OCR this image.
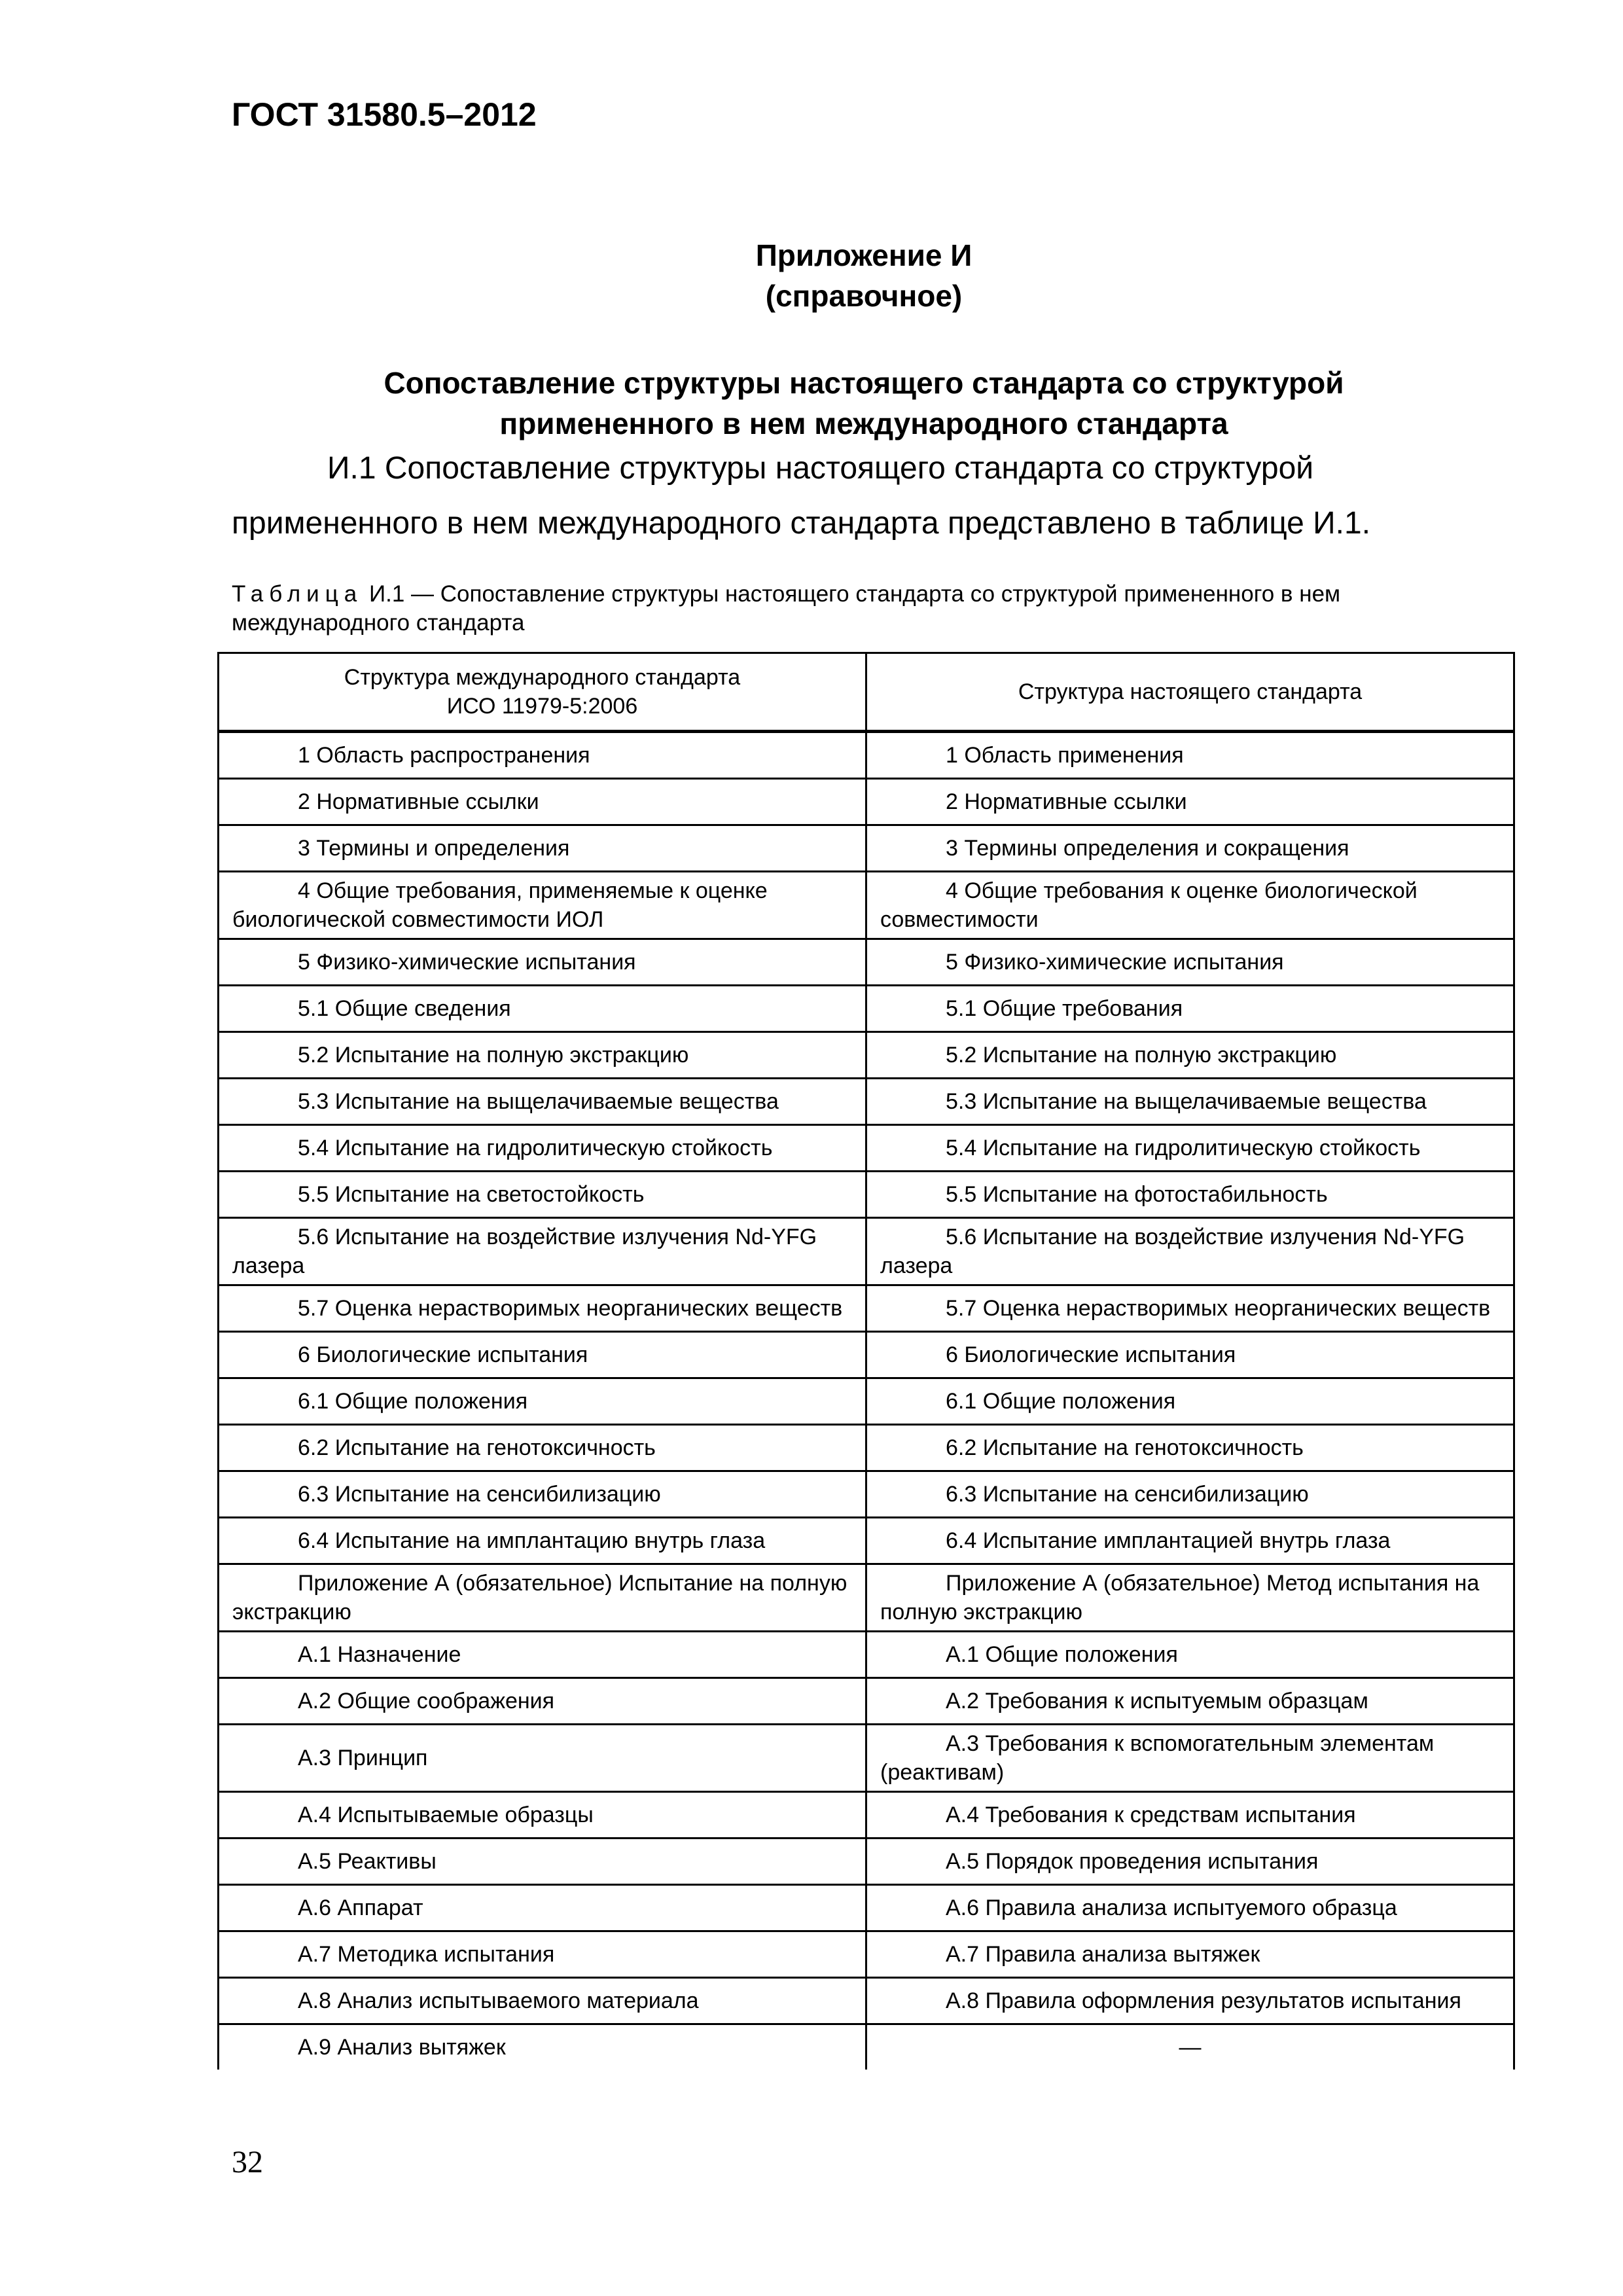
ГОСТ 31580.5–2012
Приложение И
(справочное)
Сопоставление структуры настоящего стандарта со структурой
примененного в нем международного стандарта
И.1 Сопоставление структуры настоящего стандарта со структурой
примененного в нем международного стандарта представлено в таблице И.1.
Таблица И.1 — Сопоставление структуры настоящего стандарта со структурой примененного в нем международного стандарта
Структура международного стандарта
ИСО 11979-5:2006	Структура настоящего стандарта
1 Область распространения	1 Область применения
2 Нормативные ссылки	2 Нормативные ссылки
3 Термины и определения	3 Термины определения и сокращения
4 Общие требования, применяемые к оценке биологической совместимости ИОЛ	4 Общие требования к оценке биологической совместимости
5 Физико-химические испытания	5 Физико-химические испытания
5.1 Общие сведения	5.1 Общие требования
5.2 Испытание на полную экстракцию	5.2 Испытание на полную экстракцию
5.3 Испытание на выщелачиваемые вещества	5.3 Испытание на выщелачиваемые вещества
5.4 Испытание на гидролитическую стойкость	5.4 Испытание на гидролитическую стойкость
5.5 Испытание на светостойкость	5.5 Испытание на фотостабильность
5.6 Испытание на воздействие излучения Nd-YFG лазера	5.6 Испытание на воздействие излучения Nd-YFG лазера
5.7 Оценка нерастворимых неорганических веществ	5.7 Оценка нерастворимых неорганических веществ
6 Биологические испытания	6 Биологические испытания
6.1 Общие положения	6.1 Общие положения
6.2 Испытание на генотоксичность	6.2 Испытание на генотоксичность
6.3 Испытание на сенсибилизацию	6.3 Испытание на сенсибилизацию
6.4 Испытание на имплантацию внутрь глаза	6.4 Испытание имплантацией внутрь глаза
Приложение А (обязательное) Испытание на полную экстракцию	Приложение А (обязательное) Метод испытания на полную экстракцию
А.1 Назначение	А.1 Общие положения
А.2 Общие соображения	А.2 Требования к испытуемым образцам
А.3 Принцип	А.3 Требования к вспомогательным элементам (реактивам)
А.4 Испытываемые образцы	А.4 Требования к средствам испытания
А.5 Реактивы	А.5 Порядок проведения испытания
А.6 Аппарат	А.6 Правила анализа испытуемого образца
А.7 Методика испытания	А.7 Правила анализа вытяжек
А.8 Анализ испытываемого материала	А.8 Правила оформления результатов испытания
А.9 Анализ вытяжек	—
32
